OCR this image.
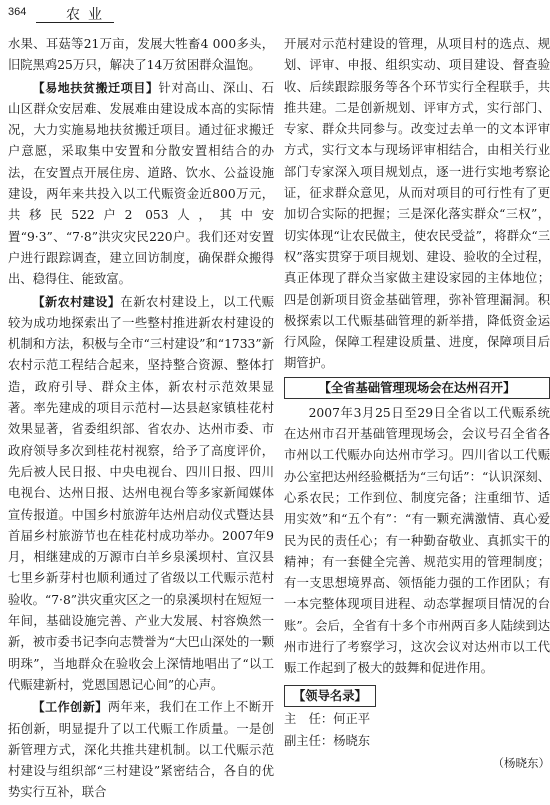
364	农业

水果、耳菇等21万亩，发展大牲畜4 000多头，旧院黑鸡25万只，解决了14万贫困群众温饱。

【易地扶贫搬迁项目】针对高山、深山、石山区群众安居难、发展难由建设成本高的实际情况，大力实施易地扶贫搬迁项目。通过征求搬迁户意愿，采取集中安置和分散安置相结合的办法，在安置点开展住房、道路、饮水、公益设施建设，两年来共投入以工代赈资金近800万元，共移民522户2 053人，其中安置“9·3”、“7·8”洪灾灾民220户。我们还对安置户进行跟踪调查，建立回访制度，确保群众搬得出、稳得住、能致富。

【新农村建设】在新农村建设上，以工代赈较为成功地探索出了一些整村推进新农村建设的机制和方法，积极与全市“三村建设”和“1733”新农村示范工程结合起来，坚持整合资源、整体打造，政府引导、群众主体，新农村示范效果显著。率先建成的项目示范村—达县赵家镇桂花村效果显著，省委组织部、省农办、达州市委、市政府领导多次到桂花村视察，给予了高度评价，先后被人民日报、中央电视台、四川日报、四川电视台、达州日报、达州电视台等多家新闻媒体宣传报道。中国乡村旅游年达州启动仪式暨达县首届乡村旅游节也在桂花村成功举办。2007年9月，相继建成的万源市白羊乡泉溪坝村、宣汉县七里乡新芽村也顺利通过了省级以工代赈示范村验收。“7·8”洪灾重灾区之一的泉溪坝村在短短一年间，基础设施完善、产业大发展、村容焕然一新，被市委书记李向志赞誉为“大巴山深处的一颗明珠”，当地群众在验收会上深情地唱出了“以工代赈建新村，党恩国恩记心间”的心声。

【工作创新】两年来，我们在工作上不断开拓创新，明显提升了以工代赈工作质量。一是创新管理方式，深化共推共建机制。以工代赈示范村建设与组织部“三村建设”紧密结合，各自的优势实行互补，联合

开展对示范村建设的管理，从项目村的选点、规划、评审、申报、组织实动、项目建设、督查验收、后续跟踪服务等各个环节实行全程联手，共推共建。二是创新规划、评审方式，实行部门、专家、群众共同参与。改变过去单一的文本评审方式，实行文本与现场评审相结合，由相关行业部门专家深入项目规划点，逐一进行实地考察论证，征求群众意见，从而对项目的可行性有了更加切合实际的把握；三是深化落实群众“三权”，切实体现“让农民做主，使农民受益”，将群众“三权”落实贯穿于项目规划、建设、验收的全过程，真正体现了群众当家做主建设家园的主体地位；四是创新项目资金基础管理，弥补管理漏洞。积极探索以工代赈基础管理的新举措，降低资金运行风险，保障工程建设质量、进度，保障项目后期管护。

【全省基础管理现场会在达州召开】

2007年3月25日至29日全省以工代赈系统在达州市召开基础管理现场会，会议号召全省各市州以工代赈办向达州市学习。四川省以工代赈办公室把达州经验概括为“三句话”：“认识深刻、心系农民；工作到位、制度完备；注重细节、适用实效”和“五个有”：“有一颗充满激情、真心爱民为民的责任心；有一种勤奋敬业、真抓实干的精神；有一套健全完善、规范实用的管理制度；有一支思想境界高、领悟能力强的工作团队；有一本完整体现项目进程、动态掌握项目情况的台账”。会后，全省有十多个市州两百多人陆续到达州市进行了考察学习，这次会议对达州市以工代赈工作起到了极大的鼓舞和促进作用。

【领导名录】

主　任：何正平

副主任：杨晓东

（杨晓东）
